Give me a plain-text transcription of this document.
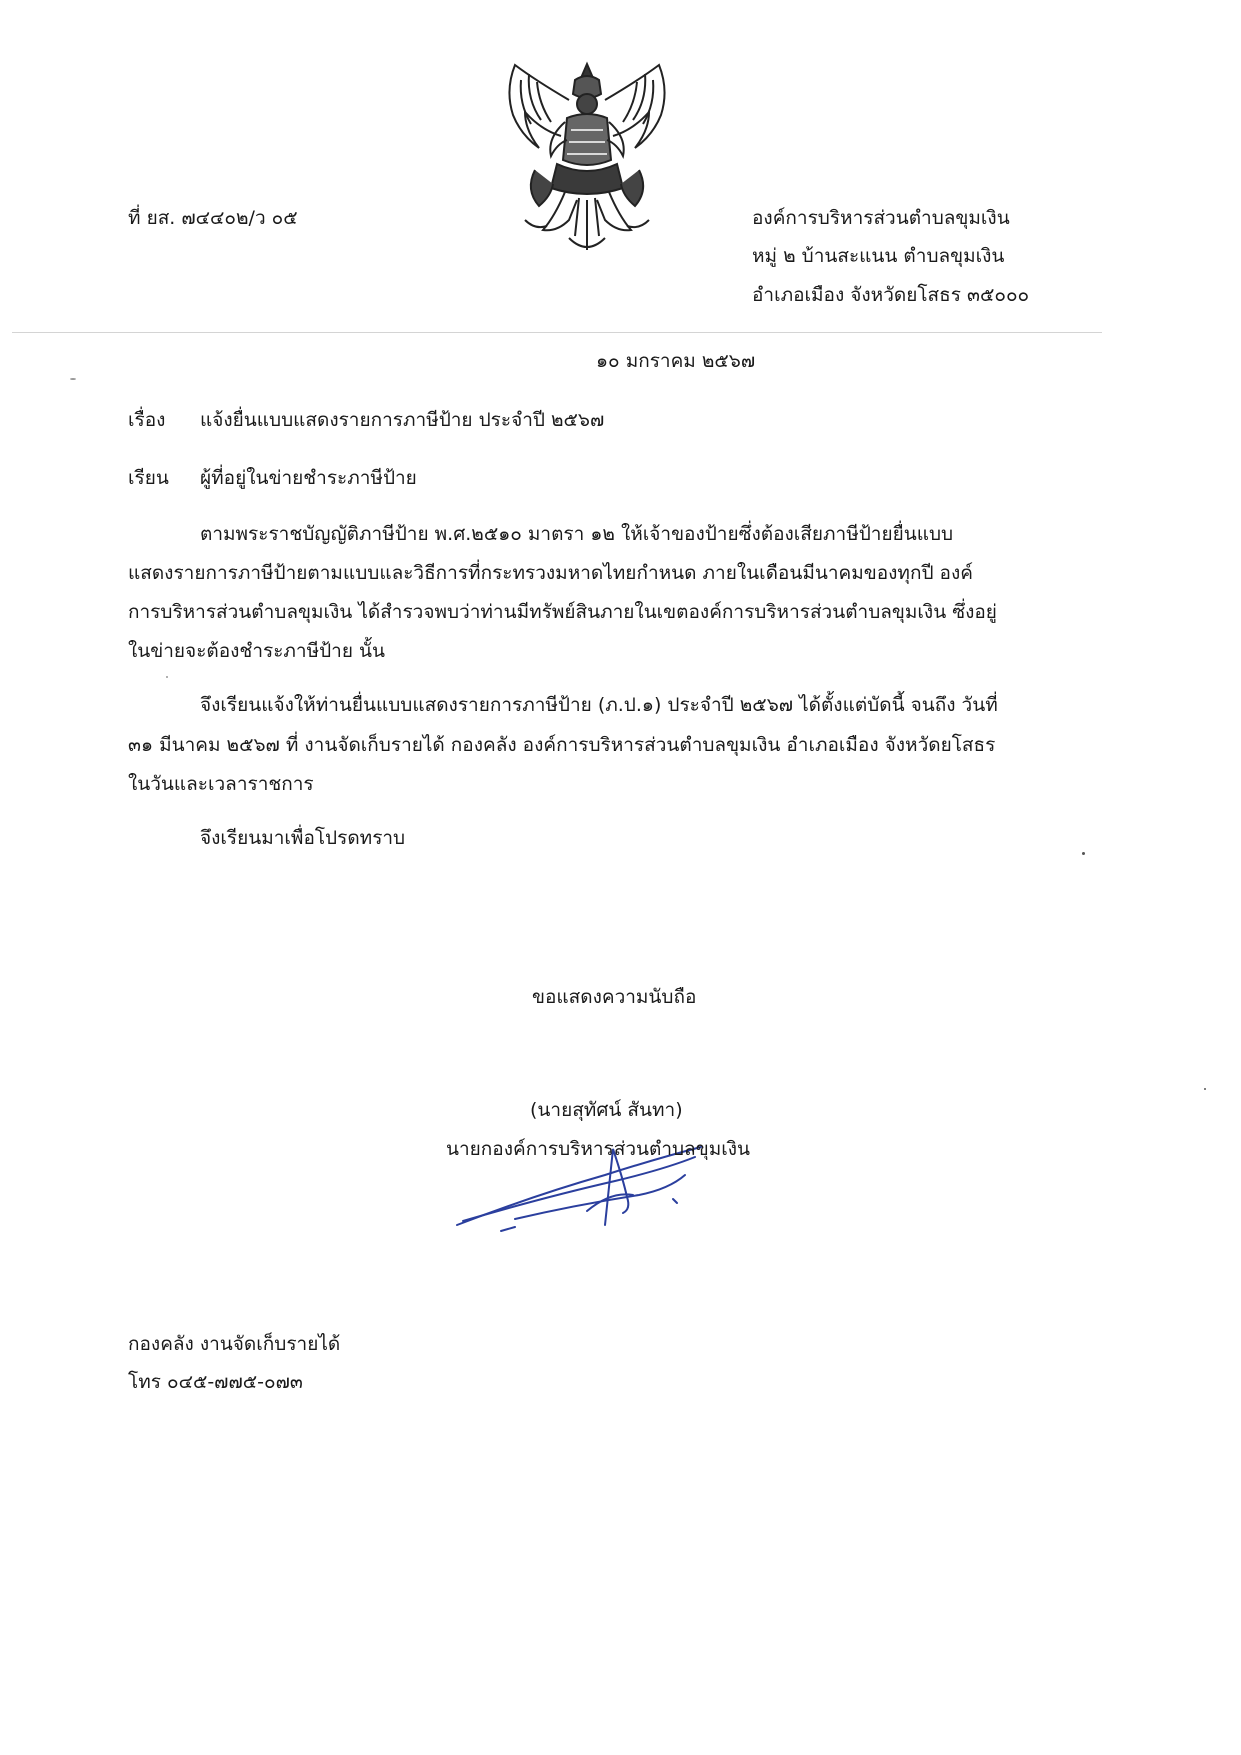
ที่ ยส. ๗๔๔๐๒/ว ๐๕	องค์การบริหารส่วนตำบลขุมเงิน
หมู่ ๒ บ้านสะแนน ตำบลขุมเงิน
อำเภอเมือง จังหวัดยโสธร ๓๕๐๐๐
๑๐ มกราคม ๒๕๖๗
เรื่อง แจ้งยื่นแบบแสดงรายการภาษีป้าย ประจำปี ๒๕๖๗
เรียน ผู้ที่อยู่ในข่ายชำระภาษีป้าย
ตามพระราชบัญญัติภาษีป้าย พ.ศ.๒๕๑๐ มาตรา ๑๒ ให้เจ้าของป้ายซึ่งต้องเสียภาษีป้ายยื่นแบบ
แสดงรายการภาษีป้ายตามแบบและวิธีการที่กระทรวงมหาดไทยกำหนด ภายในเดือนมีนาคมของทุกปี องค์
การบริหารส่วนตำบลขุมเงิน ได้สำรวจพบว่าท่านมีทรัพย์สินภายในเขตองค์การบริหารส่วนตำบลขุมเงิน ซึ่งอยู่
ในข่ายจะต้องชำระภาษีป้าย นั้น
จึงเรียนแจ้งให้ท่านยื่นแบบแสดงรายการภาษีป้าย (ภ.ป.๑) ประจำปี ๒๕๖๗ ได้ตั้งแต่บัดนี้ จนถึง วันที่
๓๑ มีนาคม ๒๕๖๗ ที่ งานจัดเก็บรายได้ กองคลัง องค์การบริหารส่วนตำบลขุมเงิน อำเภอเมือง จังหวัดยโสธร
ในวันและเวลาราชการ
จึงเรียนมาเพื่อโปรดทราบ
ขอแสดงความนับถือ
(นายสุทัศน์ สันทา)
นายกองค์การบริหารส่วนตำบลขุมเงิน
กองคลัง งานจัดเก็บรายได้
โทร ๐๔๕-๗๗๕-๐๗๓
